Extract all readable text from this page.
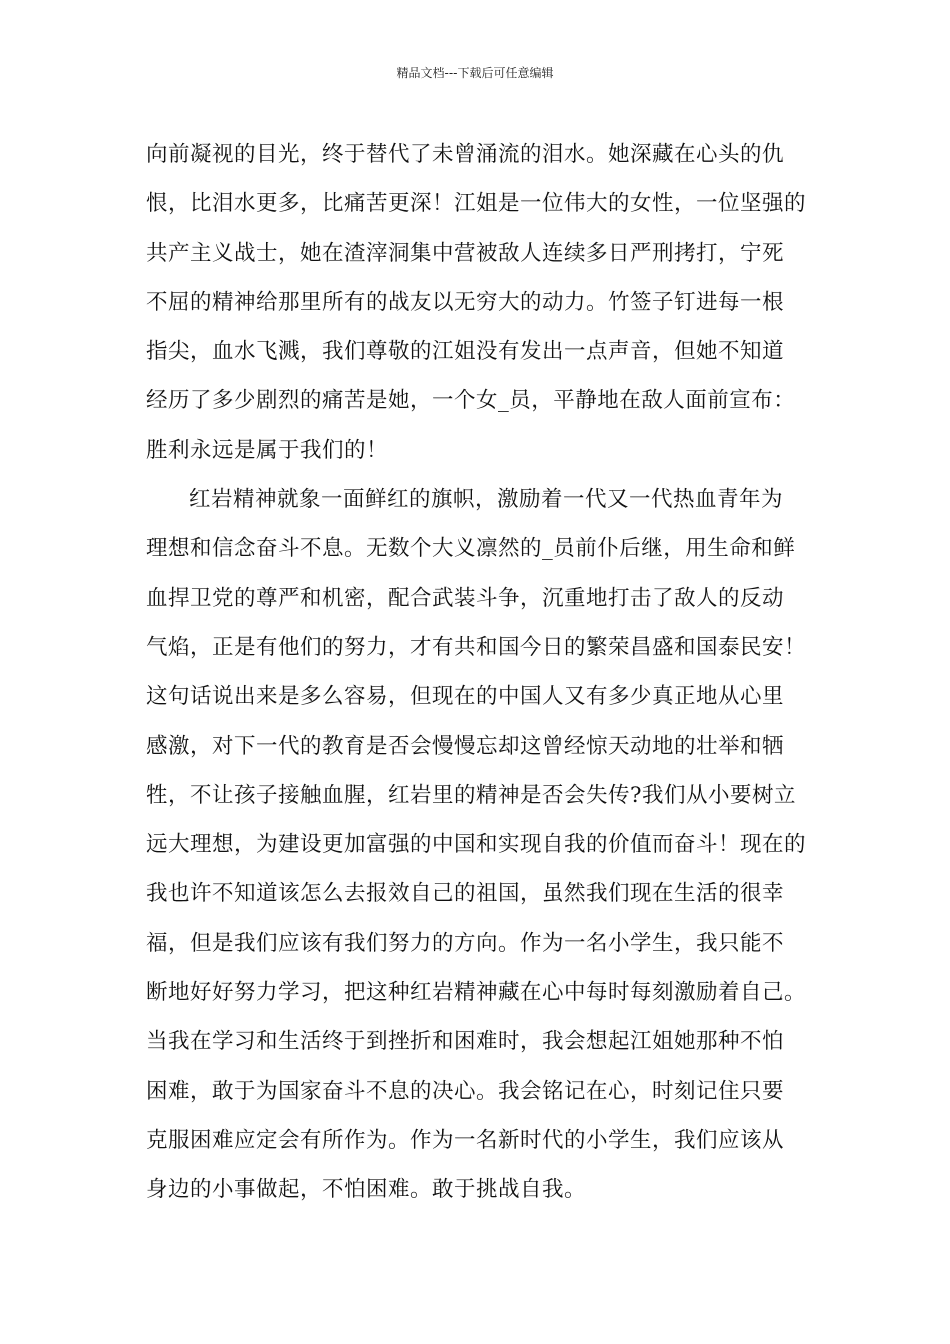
精品文档---下载后可任意编辑
向前凝视的目光，终于替代了未曾涌流的泪水。她深藏在心头的仇
恨，比泪水更多，比痛苦更深！江姐是一位伟大的女性，一位坚强的
共产主义战士，她在渣滓洞集中营被敌人连续多日严刑拷打，宁死
不屈的精神给那里所有的战友以无穷大的动力。竹签子钉进每一根
指尖，血水飞溅，我们尊敬的江姐没有发出一点声音，但她不知道
经历了多少剧烈的痛苦是她，一个女_员，平静地在敌人面前宣布：
胜利永远是属于我们的！
红岩精神就象一面鲜红的旗帜，激励着一代又一代热血青年为
理想和信念奋斗不息。无数个大义凛然的_员前仆后继，用生命和鲜
血捍卫党的尊严和机密，配合武装斗争，沉重地打击了敌人的反动
气焰，正是有他们的努力，才有共和国今日的繁荣昌盛和国泰民安！
这句话说出来是多么容易，但现在的中国人又有多少真正地从心里
感激，对下一代的教育是否会慢慢忘却这曾经惊天动地的壮举和牺
牲，不让孩子接触血腥，红岩里的精神是否会失传?我们从小要树立
远大理想，为建设更加富强的中国和实现自我的价值而奋斗！现在的
我也许不知道该怎么去报效自己的祖国，虽然我们现在生活的很幸
福，但是我们应该有我们努力的方向。作为一名小学生，我只能不
断地好好努力学习，把这种红岩精神藏在心中每时每刻激励着自己。
当我在学习和生活终于到挫折和困难时，我会想起江姐她那种不怕
困难，敢于为国家奋斗不息的决心。我会铭记在心，时刻记住只要
克服困难应定会有所作为。作为一名新时代的小学生，我们应该从
身边的小事做起，不怕困难。敢于挑战自我。
